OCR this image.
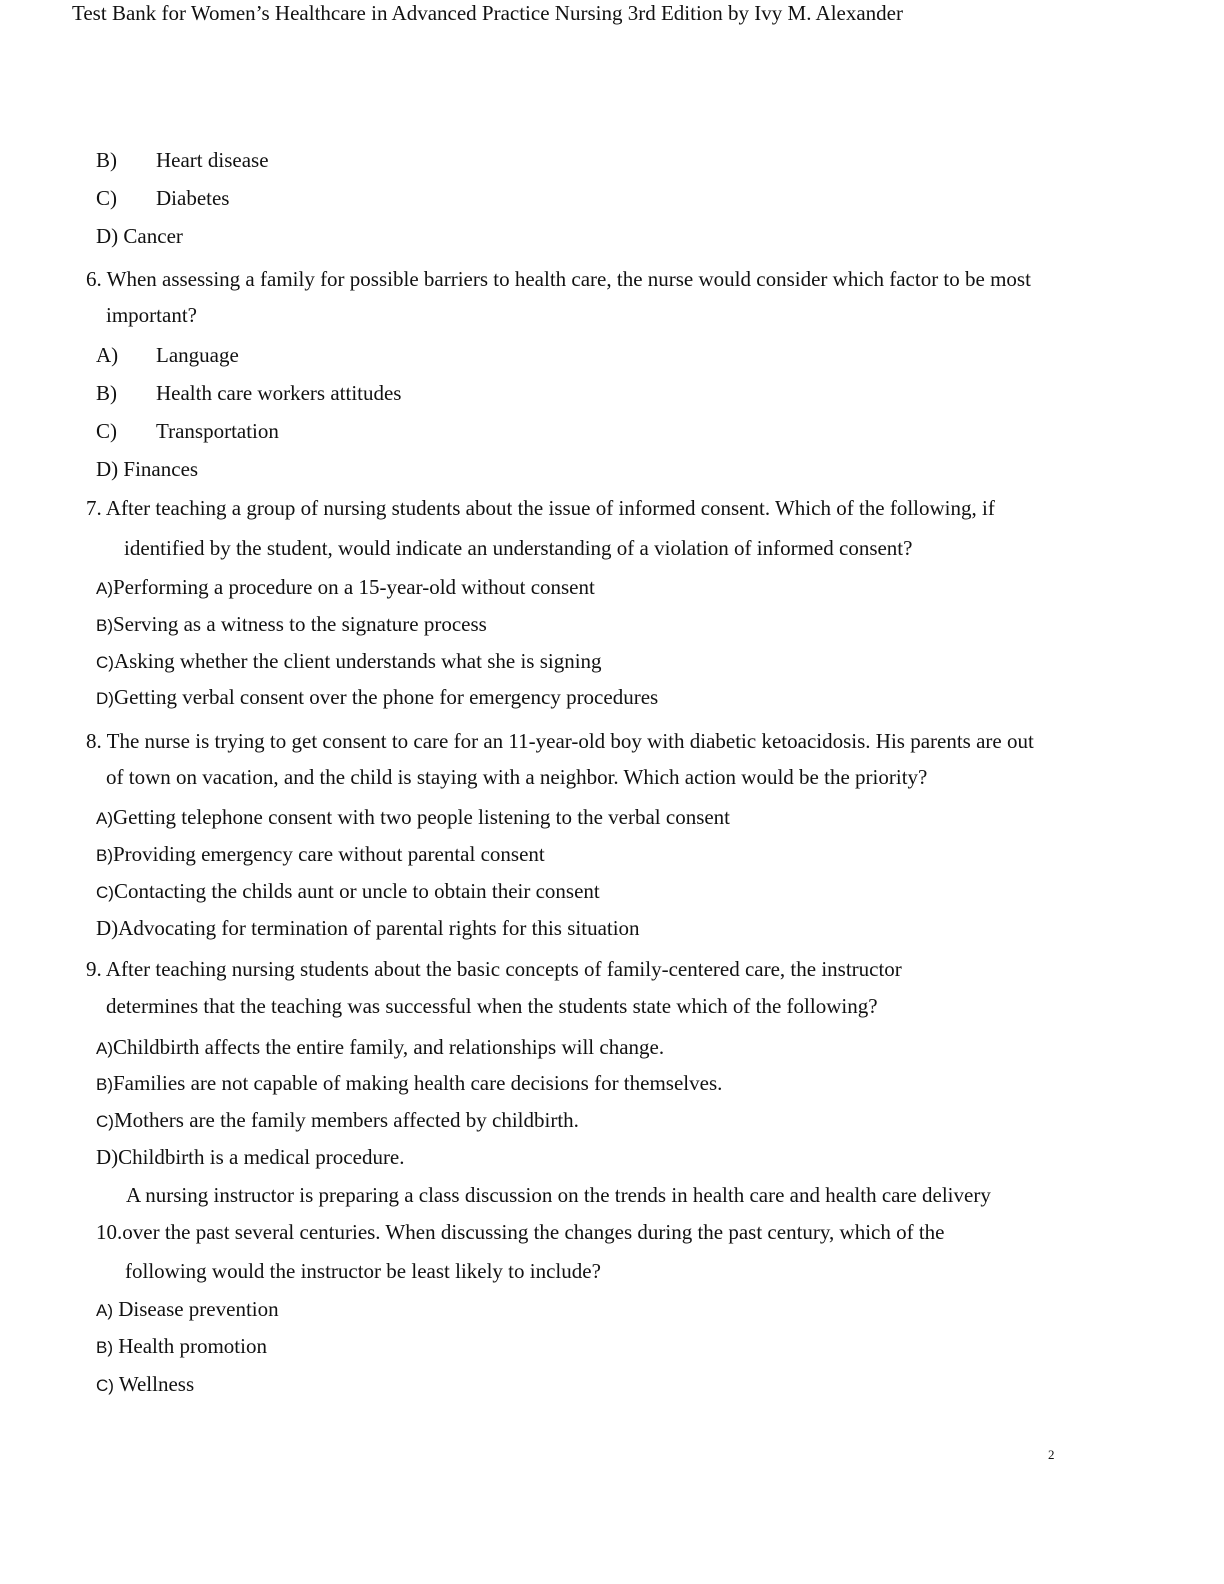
Test Bank for Women’s Healthcare in Advanced Practice Nursing 3rd Edition by Ivy M. Alexander
B) Heart disease
C) Diabetes
D) Cancer
6. When assessing a family for possible barriers to health care, the nurse would consider which factor to be most
important?
A) Language
B) Health care workers attitudes
C) Transportation
D) Finances
7. After teaching a group of nursing students about the issue of informed consent. Which of the following, if
identified by the student, would indicate an understanding of a violation of informed consent?
A)Performing a procedure on a 15-year-old without consent
B)Serving as a witness to the signature process
C)Asking whether the client understands what she is signing
D)Getting verbal consent over the phone for emergency procedures
8. The nurse is trying to get consent to care for an 11-year-old boy with diabetic ketoacidosis. His parents are out
of town on vacation, and the child is staying with a neighbor. Which action would be the priority?
A)Getting telephone consent with two people listening to the verbal consent
B)Providing emergency care without parental consent
C)Contacting the childs aunt or uncle to obtain their consent
D)Advocating for termination of parental rights for this situation
9. After teaching nursing students about the basic concepts of family-centered care, the instructor
determines that the teaching was successful when the students state which of the following?
A)Childbirth affects the entire family, and relationships will change.
B)Families are not capable of making health care decisions for themselves.
C)Mothers are the family members affected by childbirth.
D)Childbirth is a medical procedure.
A nursing instructor is preparing a class discussion on the trends in health care and health care delivery
10.over the past several centuries. When discussing the changes during the past century, which of the
following would the instructor be least likely to include?
A) Disease prevention
B) Health promotion
C) Wellness
2
